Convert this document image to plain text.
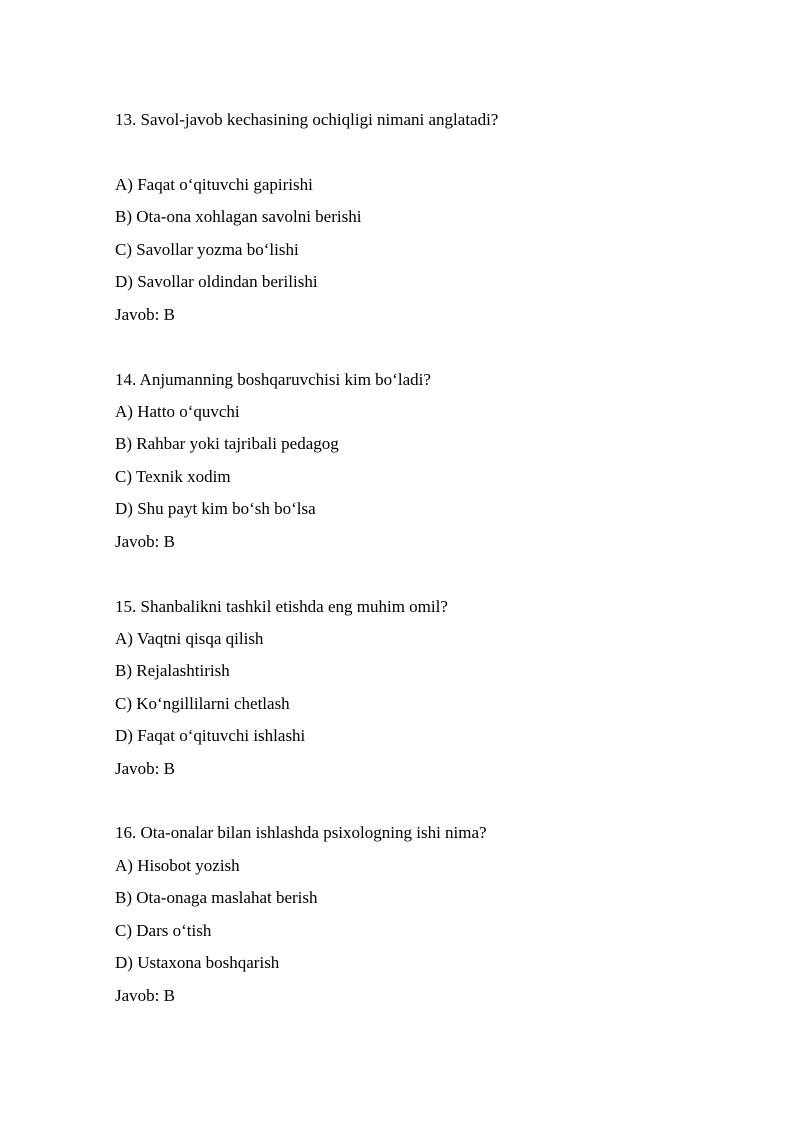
13. Savol-javob kechasining ochiqligi nimani anglatadi?
A) Faqat o‘qituvchi gapirishi
B) Ota-ona xohlagan savolni berishi
C) Savollar yozma bo‘lishi
D) Savollar oldindan berilishi
Javob: B
14. Anjumanning boshqaruvchisi kim bo‘ladi?
A) Hatto o‘quvchi
B) Rahbar yoki tajribali pedagog
C) Texnik xodim
D) Shu payt kim bo‘sh bo‘lsa
Javob: B
15. Shanbalikni tashkil etishda eng muhim omil?
A) Vaqtni qisqa qilish
B) Rejalashtirish
C) Ko‘ngillilarni chetlash
D) Faqat o‘qituvchi ishlashi
Javob: B
16. Ota-onalar bilan ishlashda psixologning ishi nima?
A) Hisobot yozish
B) Ota-onaga maslahat berish
C) Dars o‘tish
D) Ustaxona boshqarish
Javob: B
